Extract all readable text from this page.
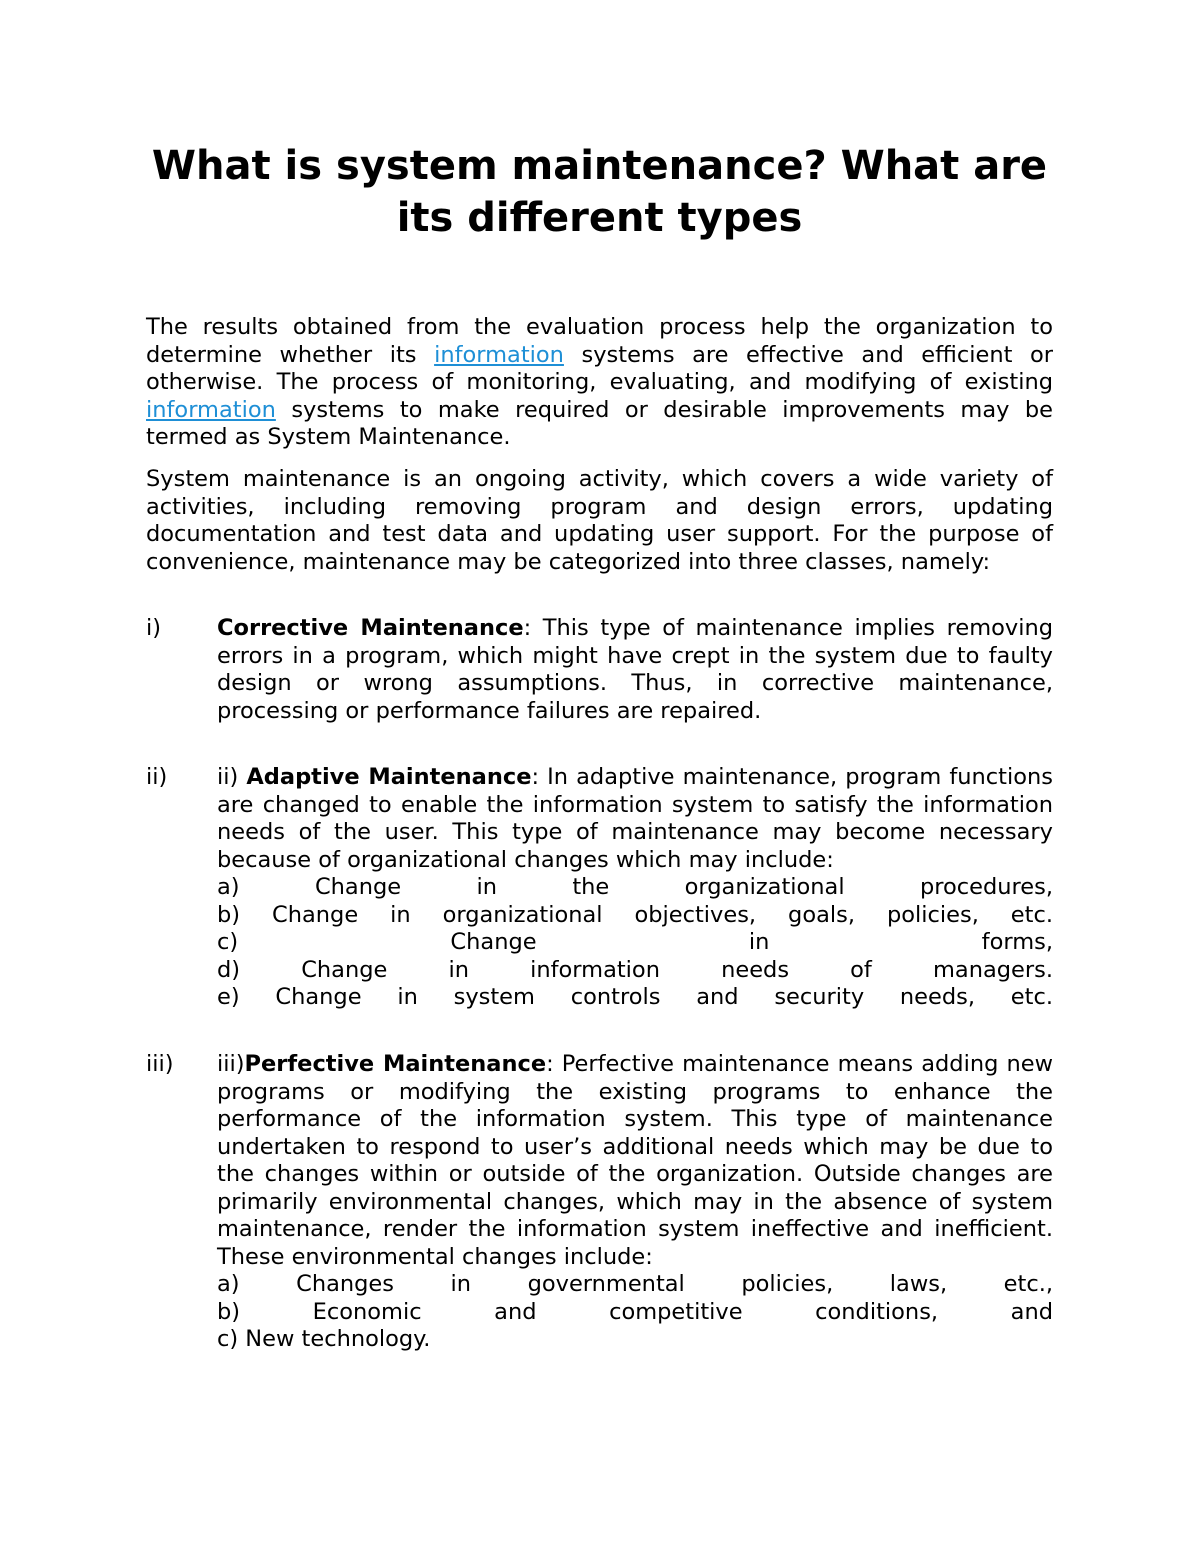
What is system maintenance? What are its different types

The results obtained from the evaluation process help the organization to determine whether its information systems are effective and efficient or otherwise. The process of monitoring, evaluating, and modifying of existing information systems to make required or desirable improvements may be termed as System Maintenance.

System maintenance is an ongoing activity, which covers a wide variety of activities, including removing program and design errors, updating documentation and test data and updating user support. For the purpose of convenience, maintenance may be categorized into three classes, namely:

i) Corrective Maintenance: This type of maintenance implies removing errors in a program, which might have crept in the system due to faulty design or wrong assumptions. Thus, in corrective maintenance, processing or performance failures are repaired.
ii) ii) Adaptive Maintenance: In adaptive maintenance, program functions are changed to enable the information system to satisfy the information needs of the user. This type of maintenance may become necessary because of organizational changes which may include:
a) Change in the organizational procedures,
b) Change in organizational objectives, goals, policies, etc.
c) Change in forms,
d) Change in information needs of managers.
e) Change in system controls and security needs, etc.
iii) iii)Perfective Maintenance: Perfective maintenance means adding new programs or modifying the existing programs to enhance the performance of the information system. This type of maintenance undertaken to respond to user’s additional needs which may be due to the changes within or outside of the organization. Outside changes are primarily environmental changes, which may in the absence of system maintenance, render the information system ineffective and inefficient. These environmental changes include:
a) Changes in governmental policies, laws, etc.,
b) Economic and competitive conditions, and
c) New technology.
